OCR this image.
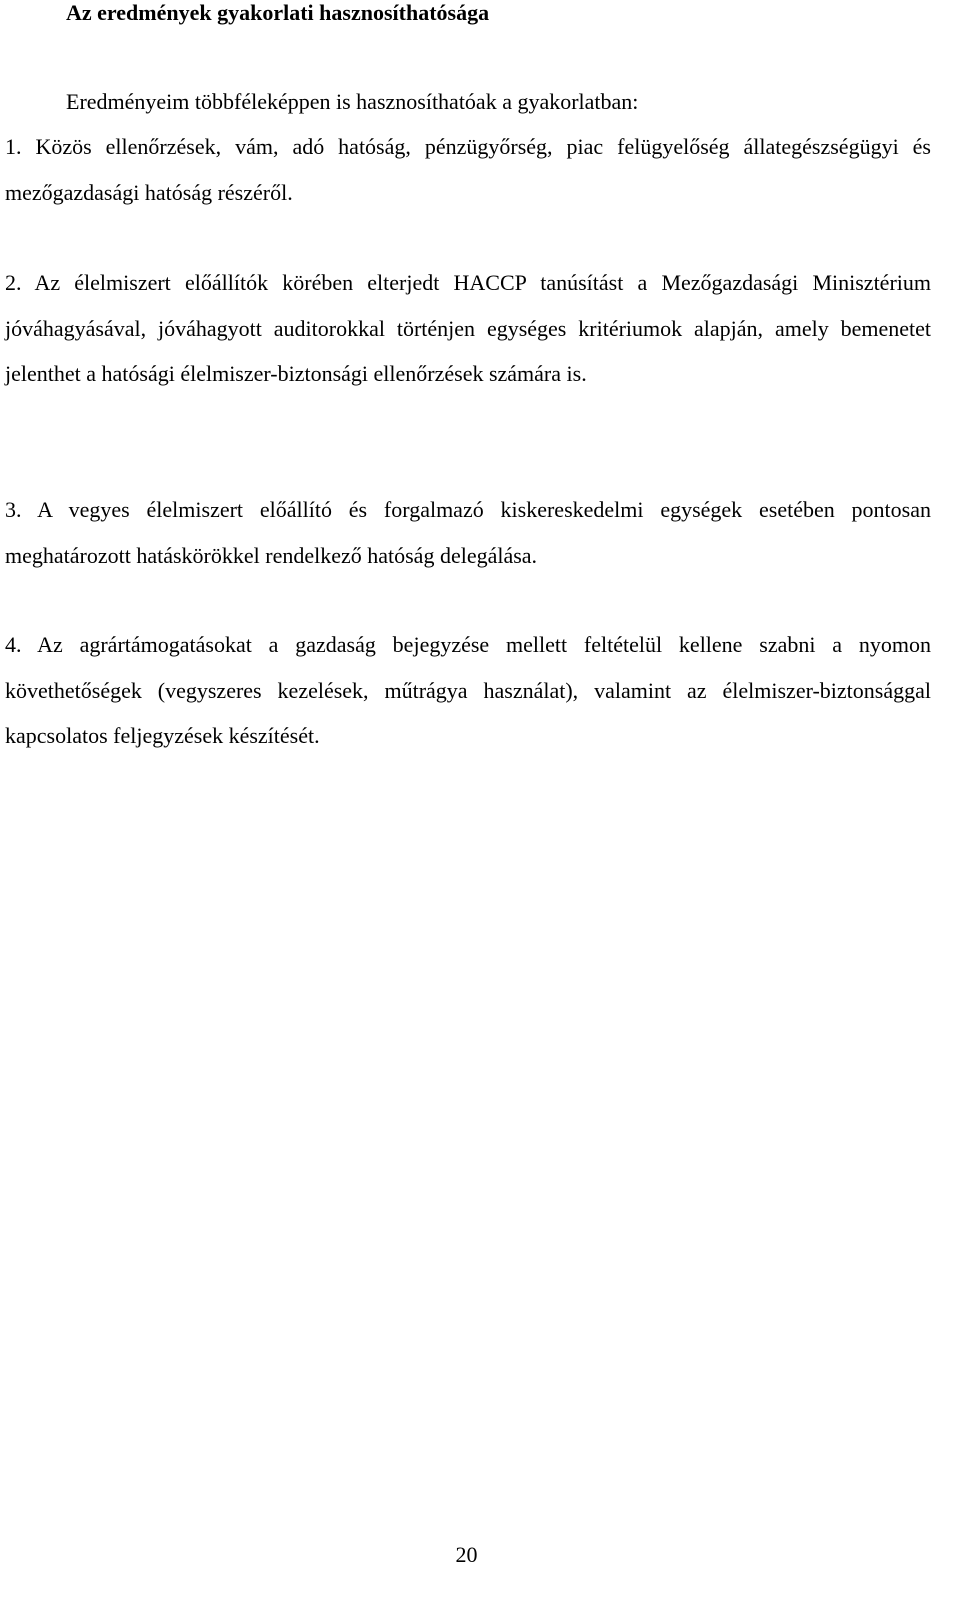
Az eredmények gyakorlati hasznosíthatósága

Eredményeim többféleképpen is hasznosíthatóak a gyakorlatban:

1. Közös ellenőrzések, vám, adó hatóság, pénzügyőrség, piac felügyelőség állategészségügyi és mezőgazdasági hatóság részéről.

2. Az élelmiszert előállítók körében elterjedt HACCP tanúsítást a Mezőgazdasági Minisztérium jóváhagyásával, jóváhagyott auditorokkal történjen egységes kritériumok alapján, amely bemenetet jelenthet a hatósági élelmiszer-biztonsági ellenőrzések számára is.

3. A vegyes élelmiszert előállító és forgalmazó kiskereskedelmi egységek esetében pontosan meghatározott hatáskörökkel rendelkező hatóság delegálása.

4. Az agrártámogatásokat a gazdaság bejegyzése mellett feltételül kellene szabni a nyomon követhetőségek (vegyszeres kezelések, műtrágya használat), valamint az élelmiszer-biztonsággal kapcsolatos feljegyzések készítését.

20
